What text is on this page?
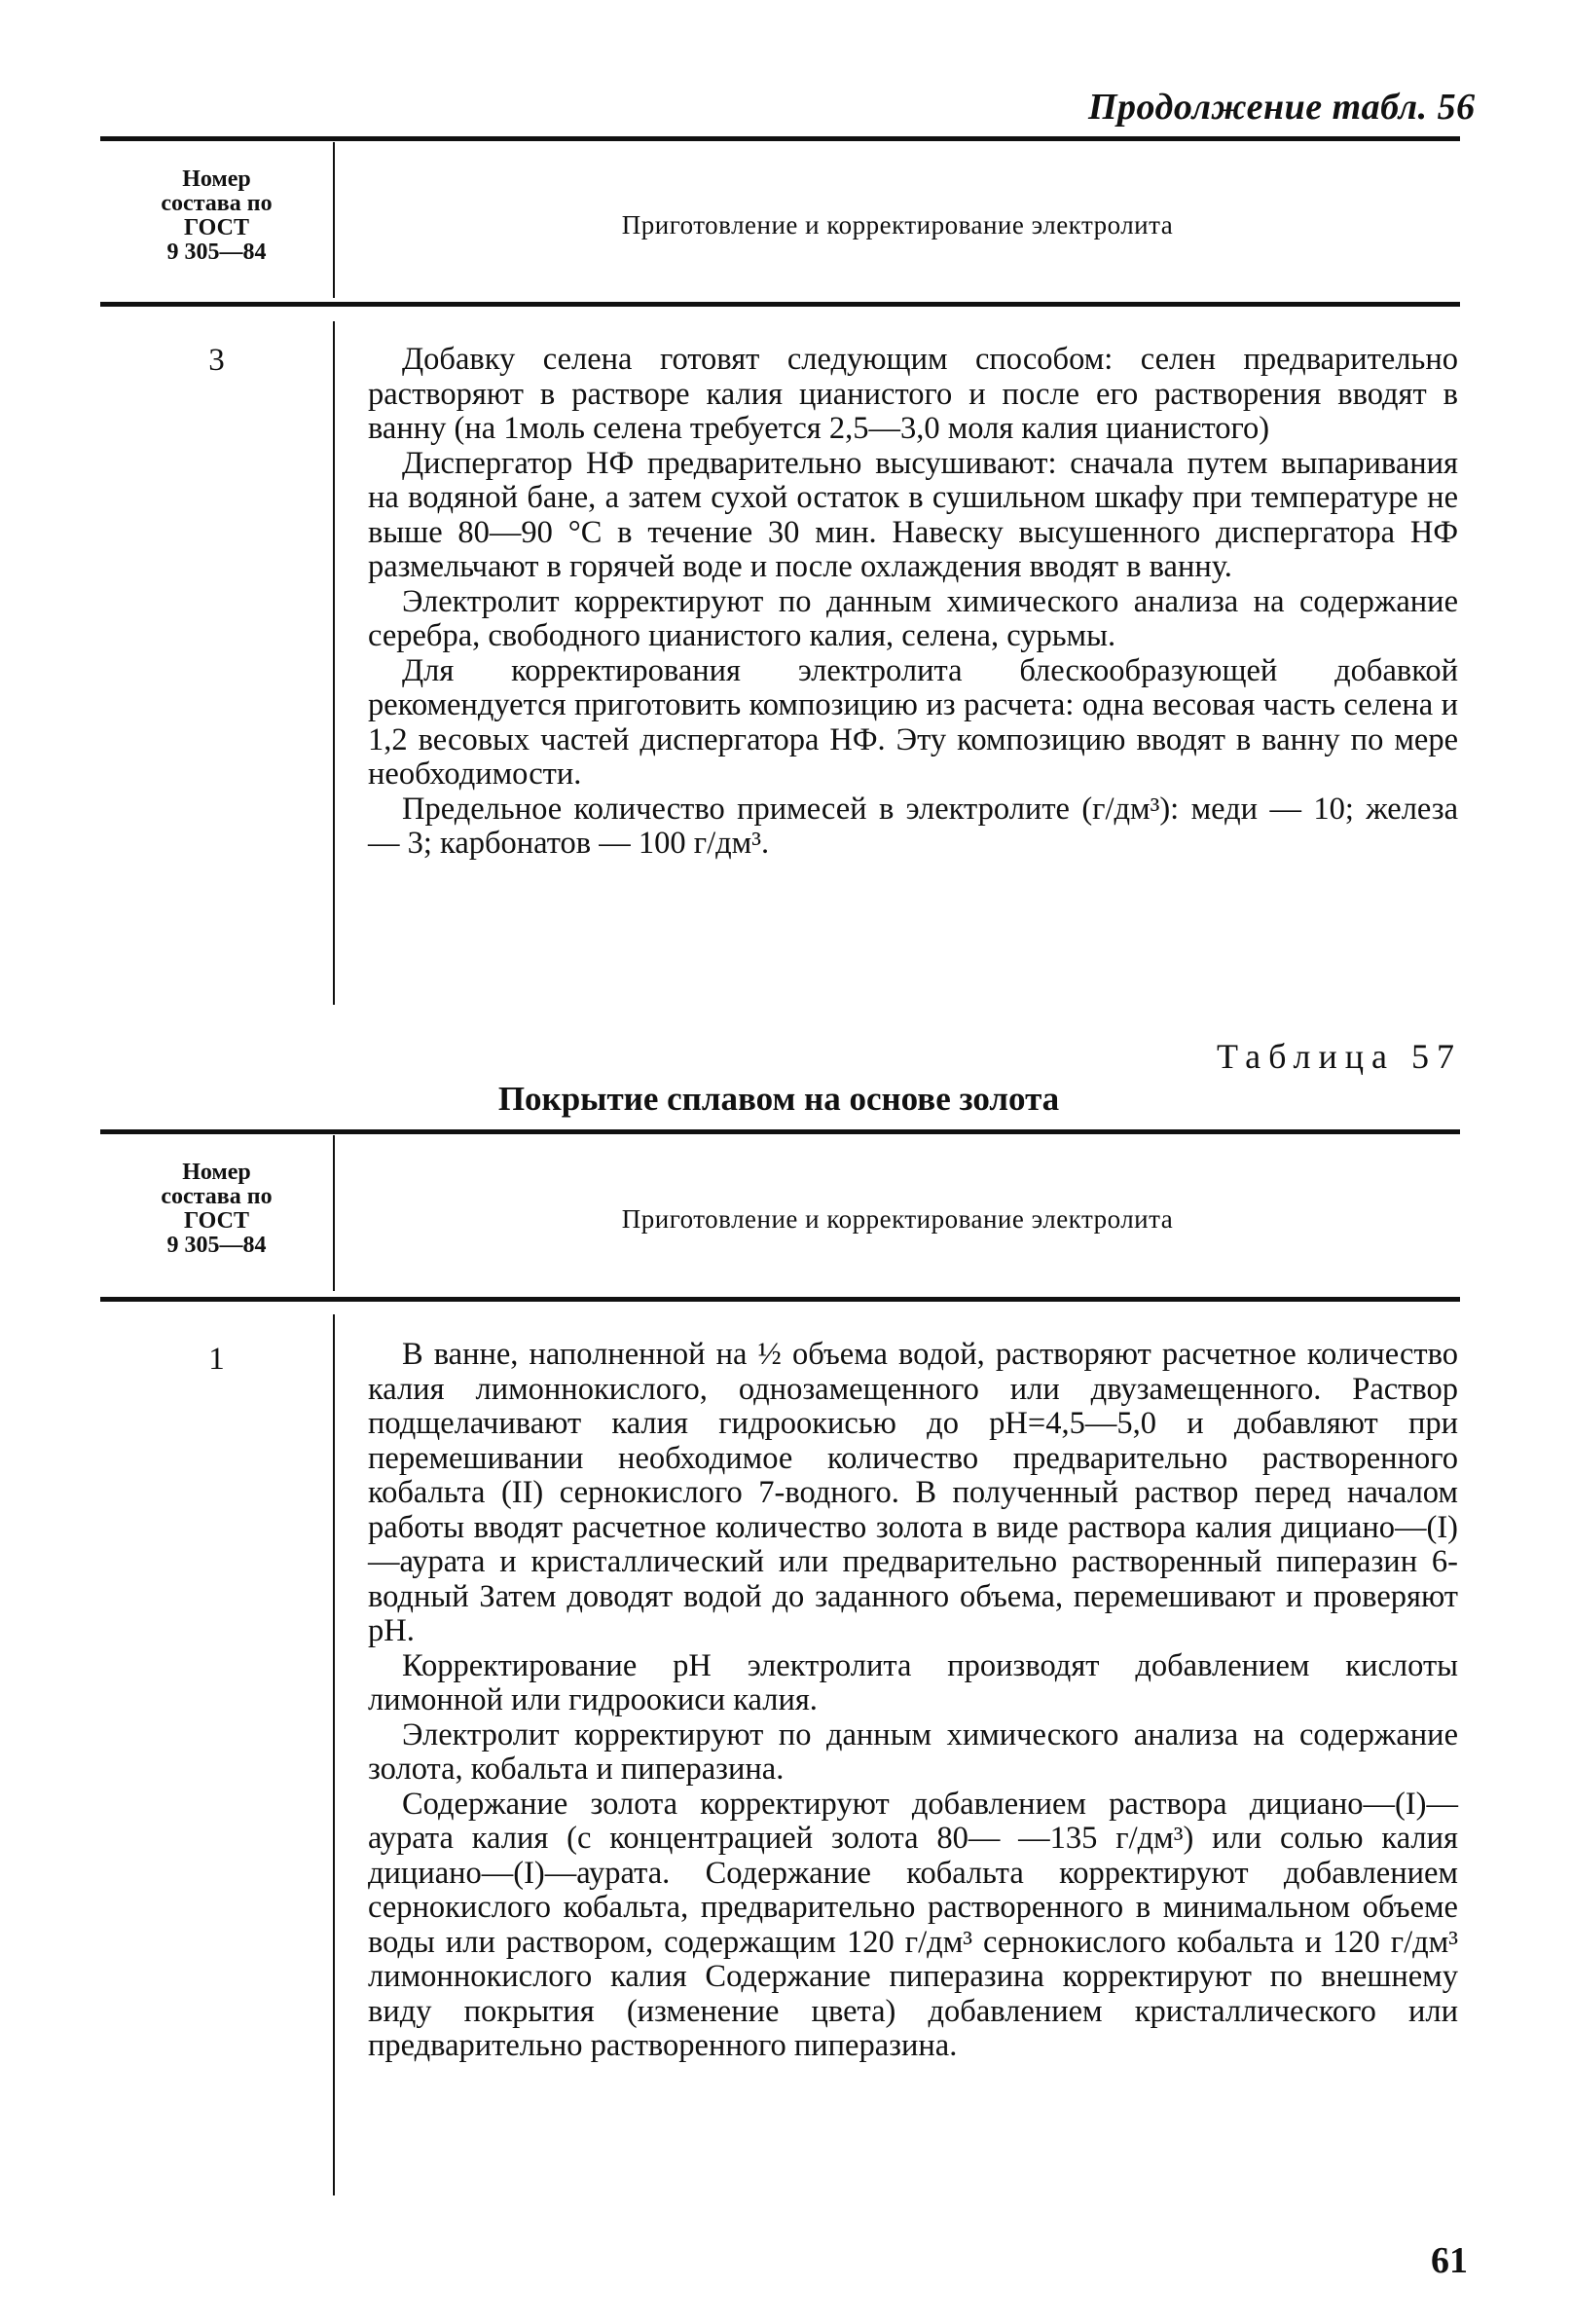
Продолжение табл. 56
Номер
состава по
ГОСТ
9 305—84
Приготовление и корректирование электролита
3	Добавку селена готовят следующим способом: селен предварительно растворяют в растворе калия цианистого и после его растворения вводят в ванну (на 1моль селена требуется 2,5—3,0 моля калия цианистого)

Диспергатор НФ предварительно высушивают: сначала путем выпаривания на водяной бане, а затем сухой остаток в сушильном шкафу при температуре не выше 80—90 °С в течение 30 мин. Навеску высушенного диспергатора НФ размельчают в горячей воде и после охлаждения вводят в ванну.

Электролит корректируют по данным химического анализа на содержание серебра, свободного цианистого калия, селена, сурьмы.

Для корректирования электролита блескообразующей добавкой рекомендуется приготовить композицию из расчета: одна весовая часть селена и 1,2 весовых частей диспергатора НФ. Эту композицию вводят в ванну по мере необходимости.

Предельное количество примесей в электролите (г/дм³): меди — 10; железа — 3; карбонатов — 100 г/дм³.

Таблица 57
Покрытие сплавом на основе золота
Номер
состава по
ГОСТ
9 305—84
Приготовление и корректирование электролита
1	В ванне, наполненной на ½ объема водой, растворяют расчетное количество калия лимоннокислого, однозамещенного или двузамещенного. Раствор подщелачивают калия гидроокисью до рН=4,5—5,0 и добавляют при перемешивании необходимое количество предварительно растворенного кобальта (II) сернокислого 7-водного. В полученный раствор перед началом работы вводят расчетное количество золота в виде раствора калия дициано—(I)—аурата и кристаллический или предварительно растворенный пиперазин 6-водный Затем доводят водой до заданного объема, перемешивают и проверяют рН.

Корректирование рН электролита производят добавлением кислоты лимонной или гидроокиси калия.

Электролит корректируют по данным химического анализа на содержание золота, кобальта и пиперазина.

Содержание золота корректируют добавлением раствора дициано—(I)—аурата калия (с концентрацией золота 80— —135 г/дм³) или солью калия дициано—(I)—аурата. Содержание кобальта корректируют добавлением сернокислого кобальта, предварительно растворенного в минимальном объеме воды или раствором, содержащим 120 г/дм³ сернокислого кобальта и 120 г/дм³ лимоннокислого калия Содержание пиперазина корректируют по внешнему виду покрытия (изменение цвета) добавлением кристаллического или предварительно растворенного пиперазина.

61
